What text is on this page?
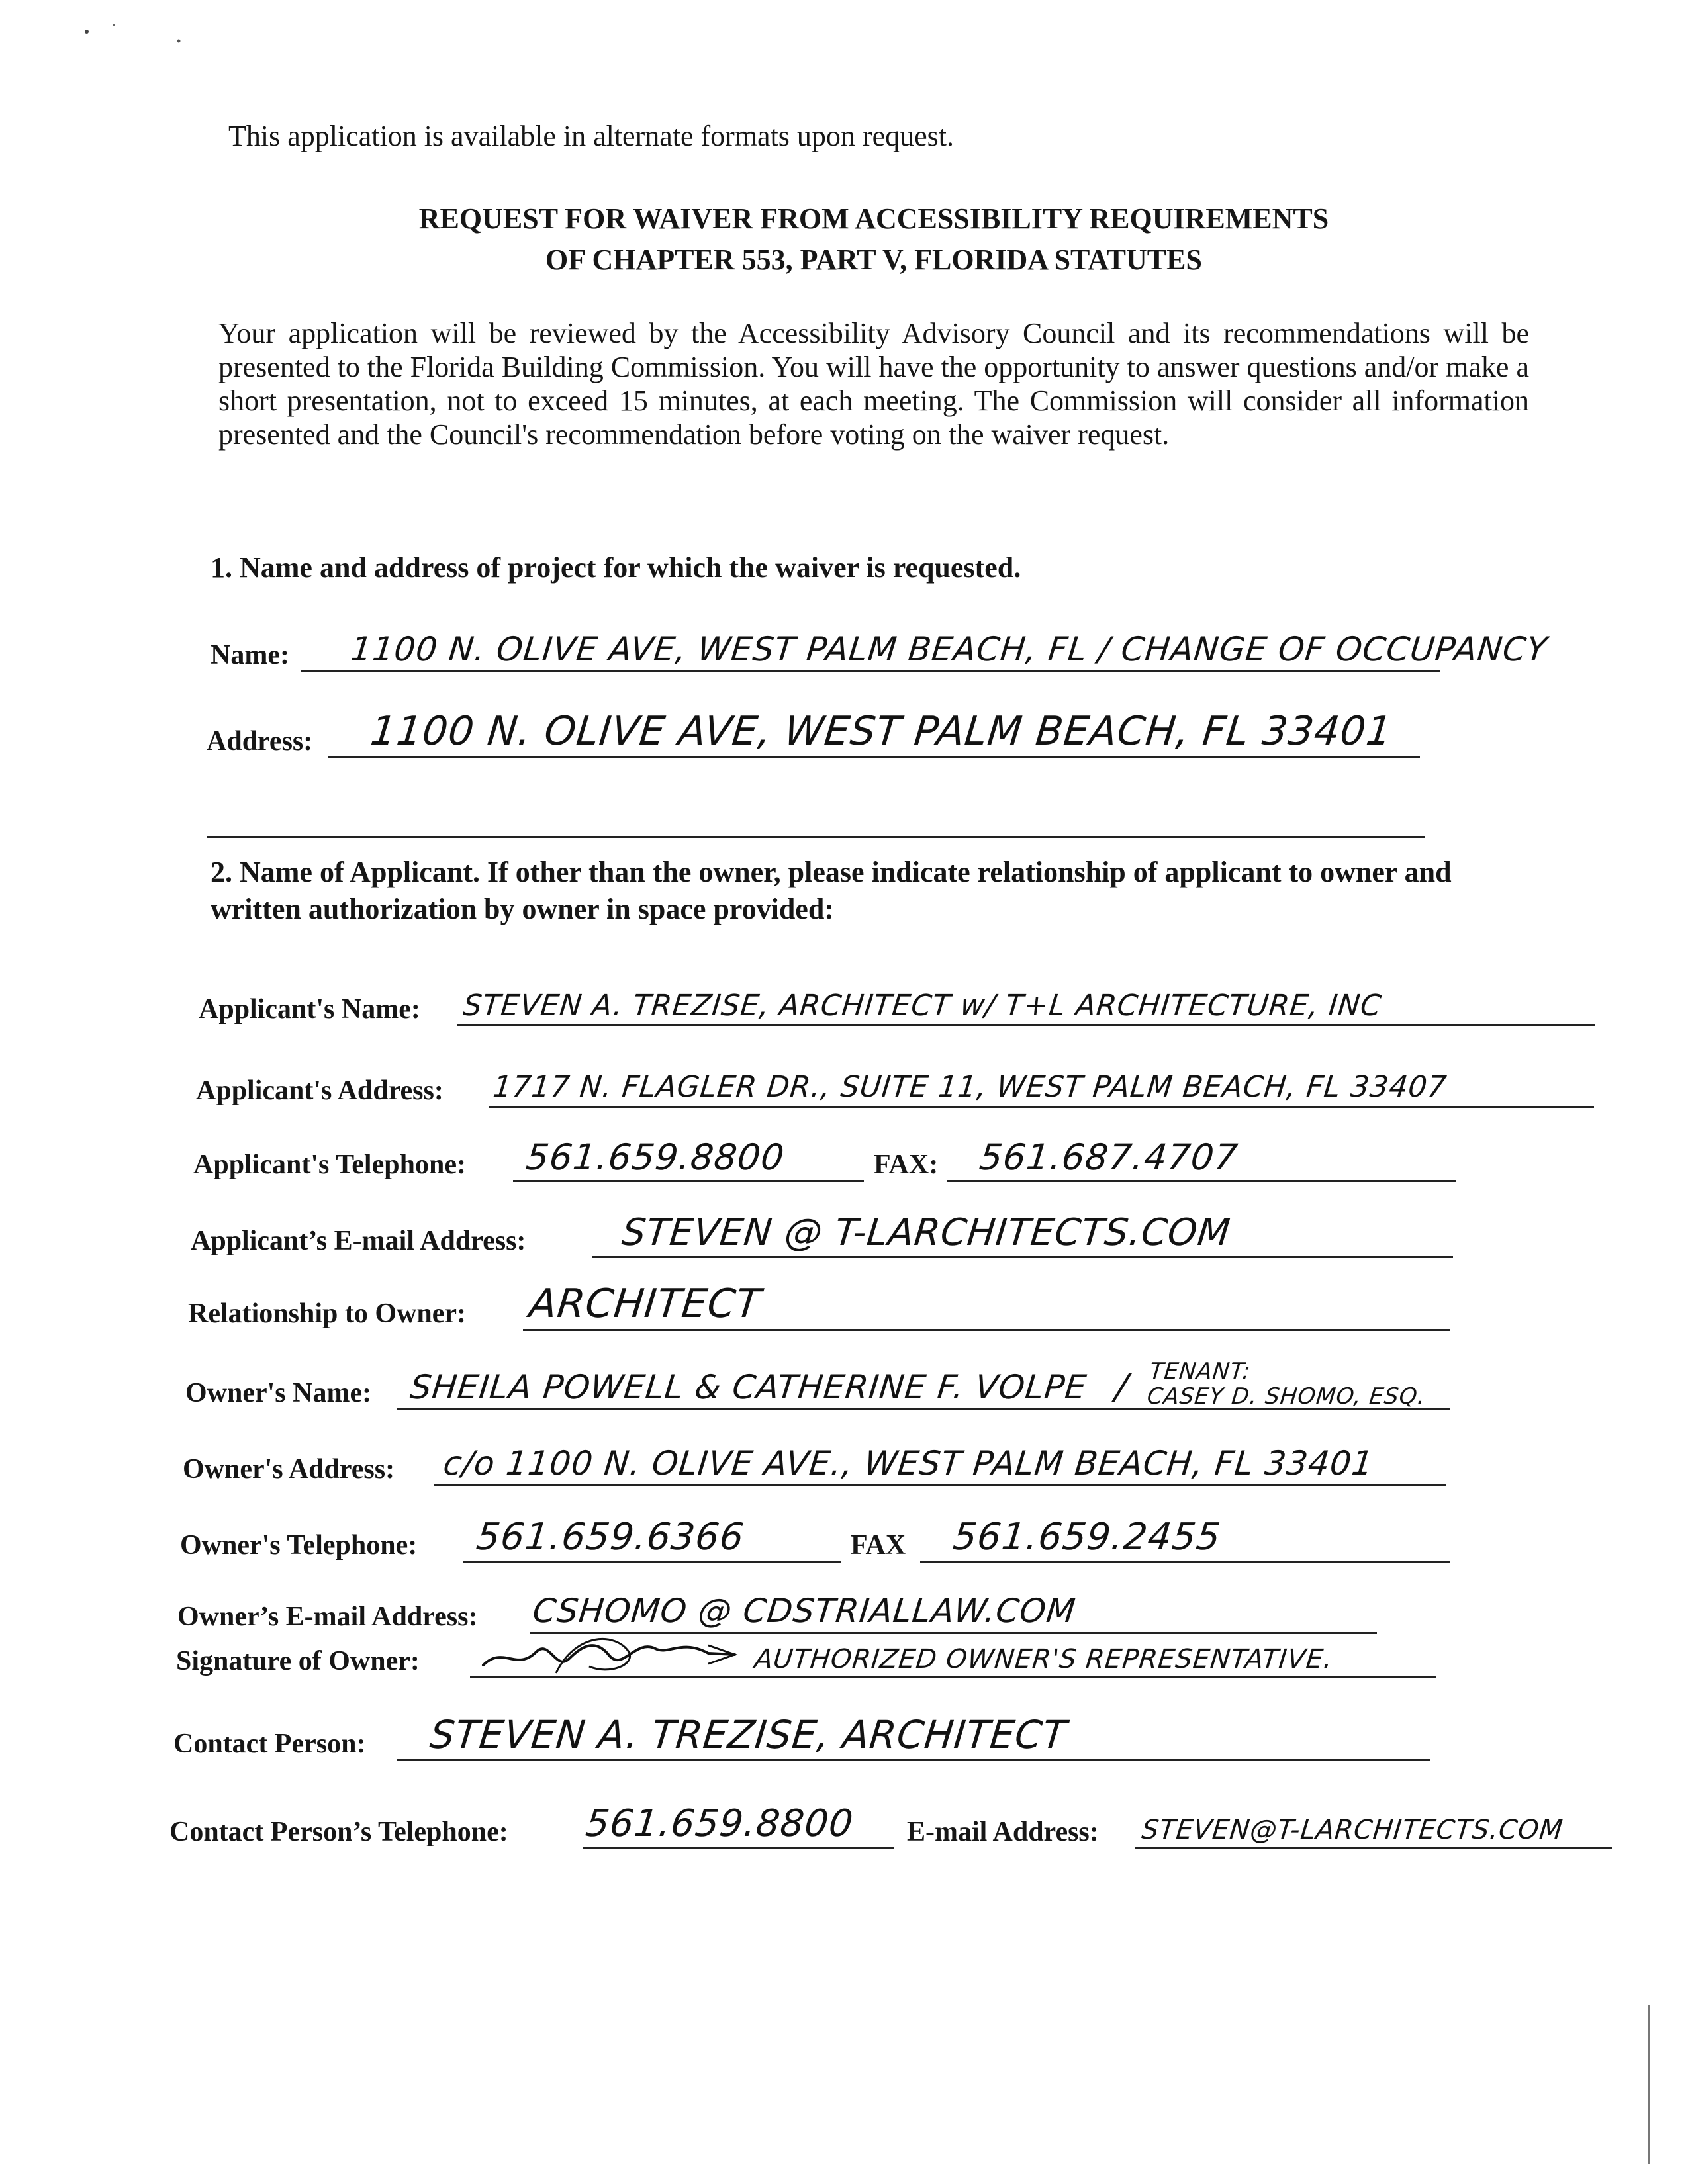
This application is available in alternate formats upon request.
REQUEST FOR WAIVER FROM ACCESSIBILITY REQUIREMENTS
OF CHAPTER 553, PART V, FLORIDA STATUTES
Your application will be reviewed by the Accessibility Advisory Council and its recommendations will be presented to the Florida Building Commission. You will have the opportunity to answer questions and/or make a short presentation, not to exceed 15 minutes, at each meeting. The Commission will consider all information presented and the Council's recommendation before voting on the waiver request.
1. Name and address of project for which the waiver is requested.
Name: 1100 N. OLIVE AVE, WEST PALM BEACH, FL / CHANGE OF OCCUPANCY
Address: 1100 N. OLIVE AVE, WEST PALM BEACH, FL 33401
2. Name of Applicant. If other than the owner, please indicate relationship of applicant to owner and written authorization by owner in space provided:
Applicant's Name: STEVEN A. TREZISE, ARCHITECT w/ T+L ARCHITECTURE, INC
Applicant's Address: 1717 N. FLAGLER DR., SUITE 11, WEST PALM BEACH, FL 33407
Applicant's Telephone: 561.659.8800	FAX: 561.687.4707
Applicant’s E-mail Address:	STEVEN @ T-LARCHITECTS.COM
Relationship to Owner: ARCHITECT
Owner's Name: SHEILA POWELL & CATHERINE F. VOLPE / TENANT:
CASEY D. SHOMO, ESQ.
Owner's Address: c/o 1100 N. OLIVE AVE., WEST PALM BEACH, FL 33401
Owner's Telephone: 561.659.6366	FAX 561.659.2455
Owner’s E-mail Address: CSHOMO @ CDSTRIALLAW.COM
Signature of Owner:	AUTHORIZED OWNER'S REPRESENTATIVE.
Contact Person: STEVEN A. TREZISE, ARCHITECT
Contact Person’s Telephone: 561.659.8800 E-mail Address: STEVEN@T-LARCHITECTS.COM
